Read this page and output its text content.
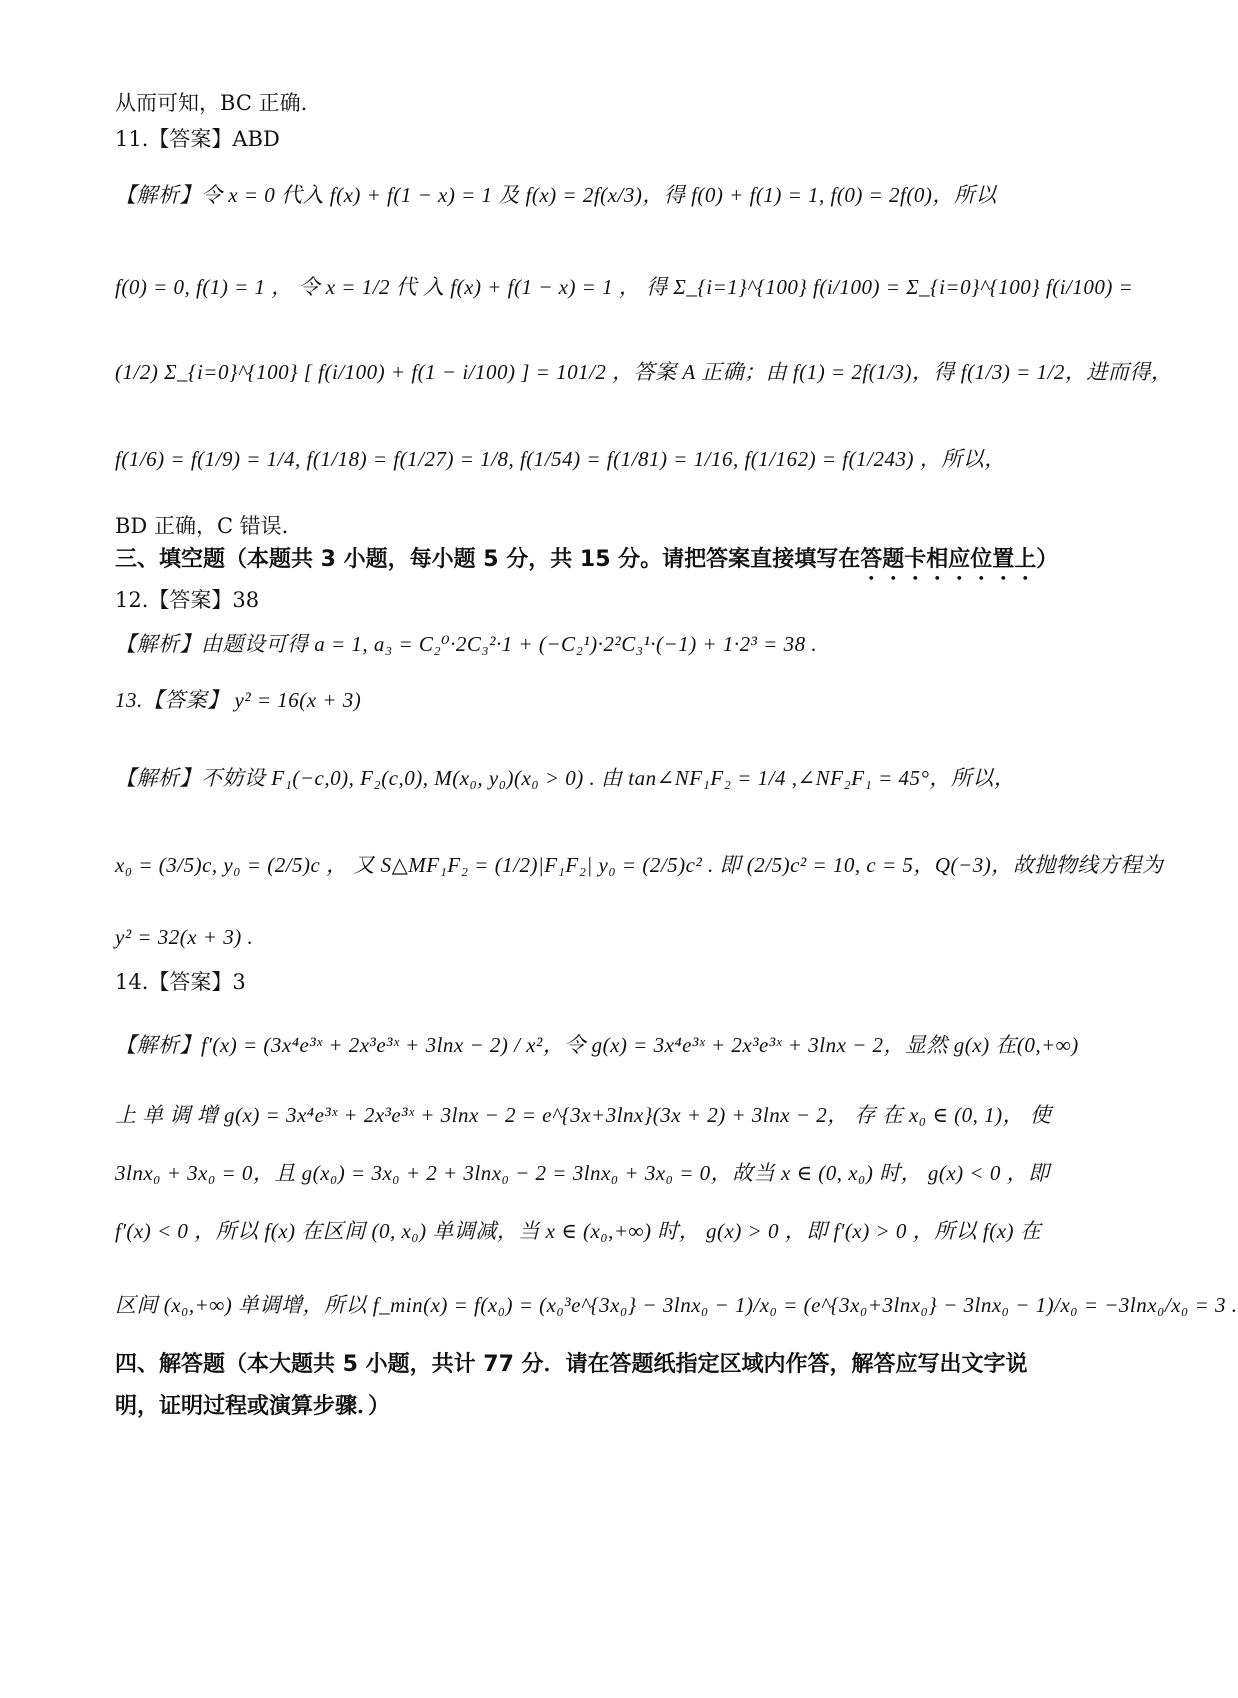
从而可知，BC 正确.
11.【答案】ABD
【解析】令 x = 0 代入 f(x) + f(1 − x) = 1 及 f(x) = 2f(x/3)，得 f(0) + f(1) = 1, f(0) = 2f(0)，所以
f(0) = 0, f(1) = 1 ， 令 x = 1/2 代 入 f(x) + f(1 − x) = 1 ， 得 Σ_{i=1}^{100} f(i/100) = Σ_{i=0}^{100} f(i/100) =
(1/2) Σ_{i=0}^{100} [ f(i/100) + f(1 − i/100) ] = 101/2 ，答案 A 正确；由 f(1) = 2f(1/3)，得 f(1/3) = 1/2，进而得，
f(1/6) = f(1/9) = 1/4, f(1/18) = f(1/27) = 1/8, f(1/54) = f(1/81) = 1/16, f(1/162) = f(1/243) ，所以，
BD 正确，C 错误.
三、填空题（本题共 3 小题，每小题 5 分，共 15 分。请把答案直接填写在答题卡相应位置上）
12.【答案】38
【解析】由题设可得 a = 1, a₃ = C₂⁰·2C₃²·1 + (−C₂¹)·2²C₃¹·(−1) + 1·2³ = 38 .
13.【答案】 y² = 16(x + 3)
【解析】不妨设 F₁(−c,0), F₂(c,0), M(x₀, y₀)(x₀ > 0) . 由 tan∠NF₁F₂ = 1/4 ,∠NF₂F₁ = 45°，所以，
x₀ = (3/5)c, y₀ = (2/5)c ， 又 S△MF₁F₂ = (1/2)|F₁F₂| y₀ = (2/5)c² . 即 (2/5)c² = 10, c = 5，Q(−3)，故抛物线方程为
y² = 32(x + 3) .
14.【答案】3
【解析】f′(x) = (3x⁴e³ˣ + 2x³e³ˣ + 3lnx − 2) / x²，令 g(x) = 3x⁴e³ˣ + 2x³e³ˣ + 3lnx − 2，显然 g(x) 在(0,+∞)
上 单 调 增 g(x) = 3x⁴e³ˣ + 2x³e³ˣ + 3lnx − 2 = e^{3x+3lnx}(3x + 2) + 3lnx − 2， 存 在 x₀ ∈ (0, 1)， 使
3lnx₀ + 3x₀ = 0，且 g(x₀) = 3x₀ + 2 + 3lnx₀ − 2 = 3lnx₀ + 3x₀ = 0，故当 x ∈ (0, x₀) 时， g(x) < 0 ，即
f′(x) < 0 ，所以 f(x) 在区间 (0, x₀) 单调减，当 x ∈ (x₀,+∞) 时， g(x) > 0 ，即 f′(x) > 0 ，所以 f(x) 在
区间 (x₀,+∞) 单调增，所以 f_min(x) = f(x₀) = (x₀³e^{3x₀} − 3lnx₀ − 1)/x₀ = (e^{3x₀+3lnx₀} − 3lnx₀ − 1)/x₀ = −3lnx₀/x₀ = 3 .
四、解答题（本大题共 5 小题，共计 77 分．请在答题纸指定区域内作答，解答应写出文字说
明，证明过程或演算步骤．）
